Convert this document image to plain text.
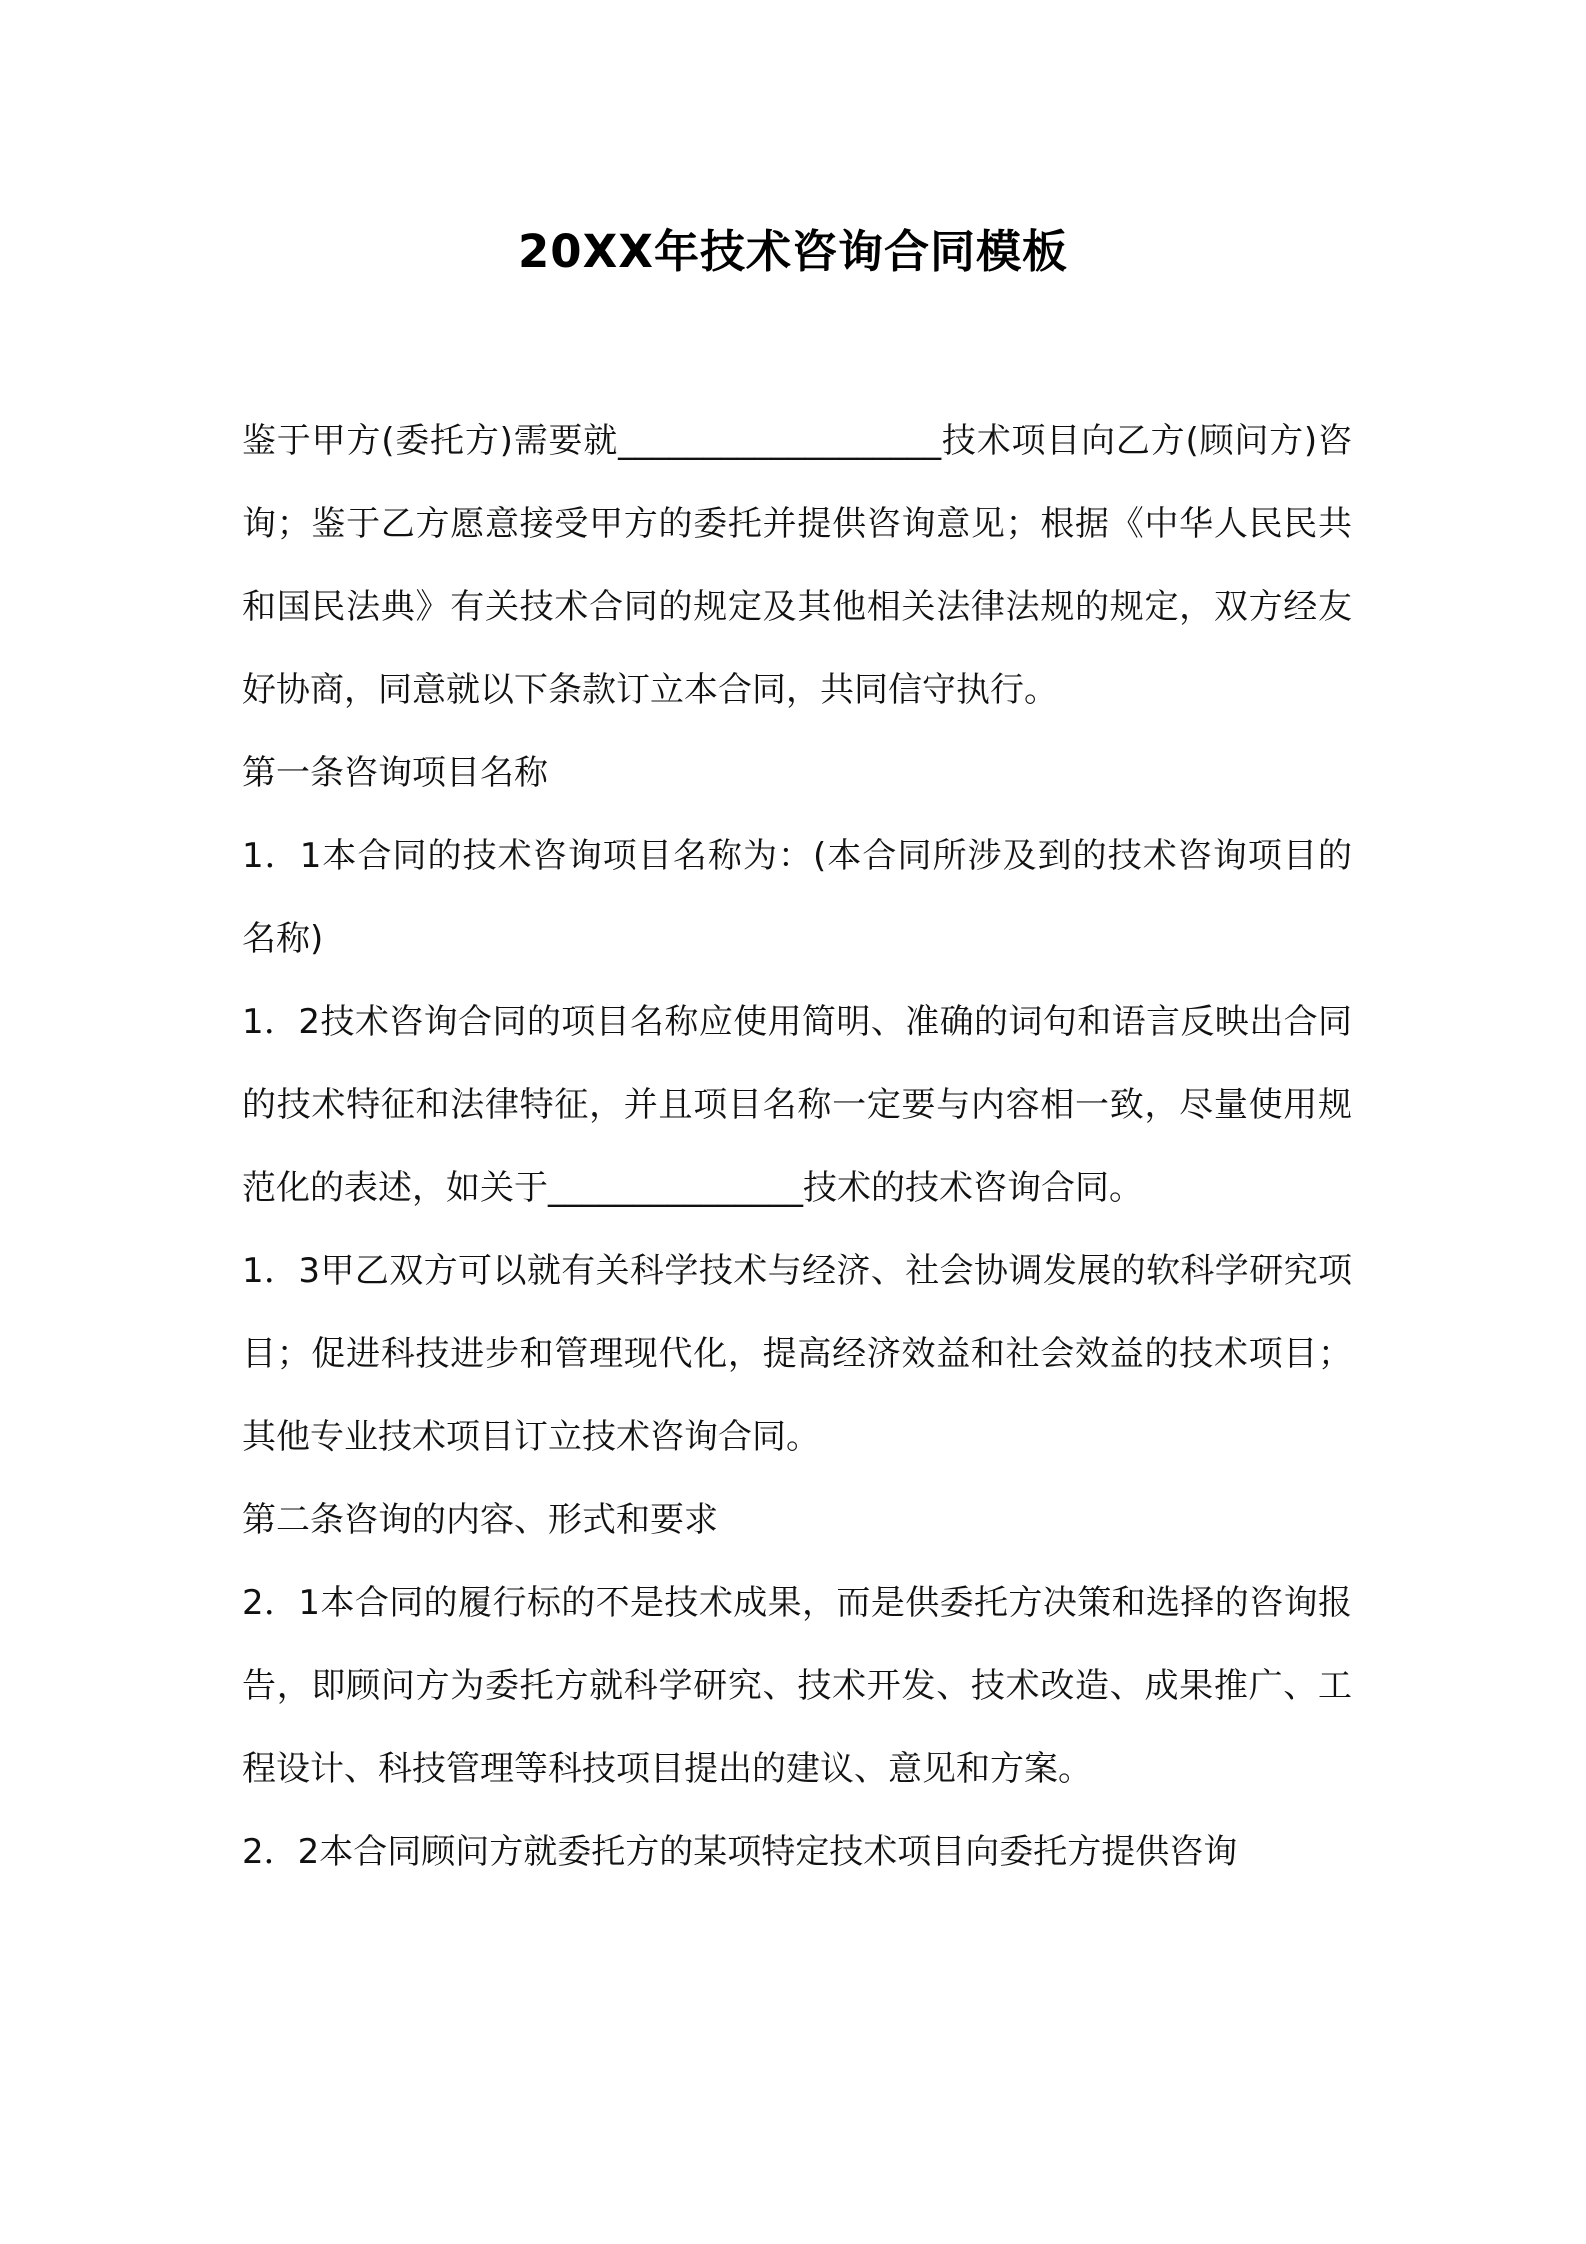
20XX年技术咨询合同模板

鉴于甲方(委托方)需要就___________________技术项目向乙方(顾问方)咨询；鉴于乙方愿意接受甲方的委托并提供咨询意见；根据《中华人民民共和国民法典》有关技术合同的规定及其他相关法律法规的规定，双方经友好协商，同意就以下条款订立本合同，共同信守执行。

第一条咨询项目名称

1．1本合同的技术咨询项目名称为：(本合同所涉及到的技术咨询项目的名称)

1．2技术咨询合同的项目名称应使用简明、准确的词句和语言反映出合同的技术特征和法律特征，并且项目名称一定要与内容相一致，尽量使用规范化的表述，如关于_______________技术的技术咨询合同。

1．3甲乙双方可以就有关科学技术与经济、社会协调发展的软科学研究项目；促进科技进步和管理现代化，提高经济效益和社会效益的技术项目；其他专业技术项目订立技术咨询合同。

第二条咨询的内容、形式和要求

2．1本合同的履行标的不是技术成果，而是供委托方决策和选择的咨询报告，即顾问方为委托方就科学研究、技术开发、技术改造、成果推广、工程设计、科技管理等科技项目提出的建议、意见和方案。

2．2本合同顾问方就委托方的某项特定技术项目向委托方提供咨询
